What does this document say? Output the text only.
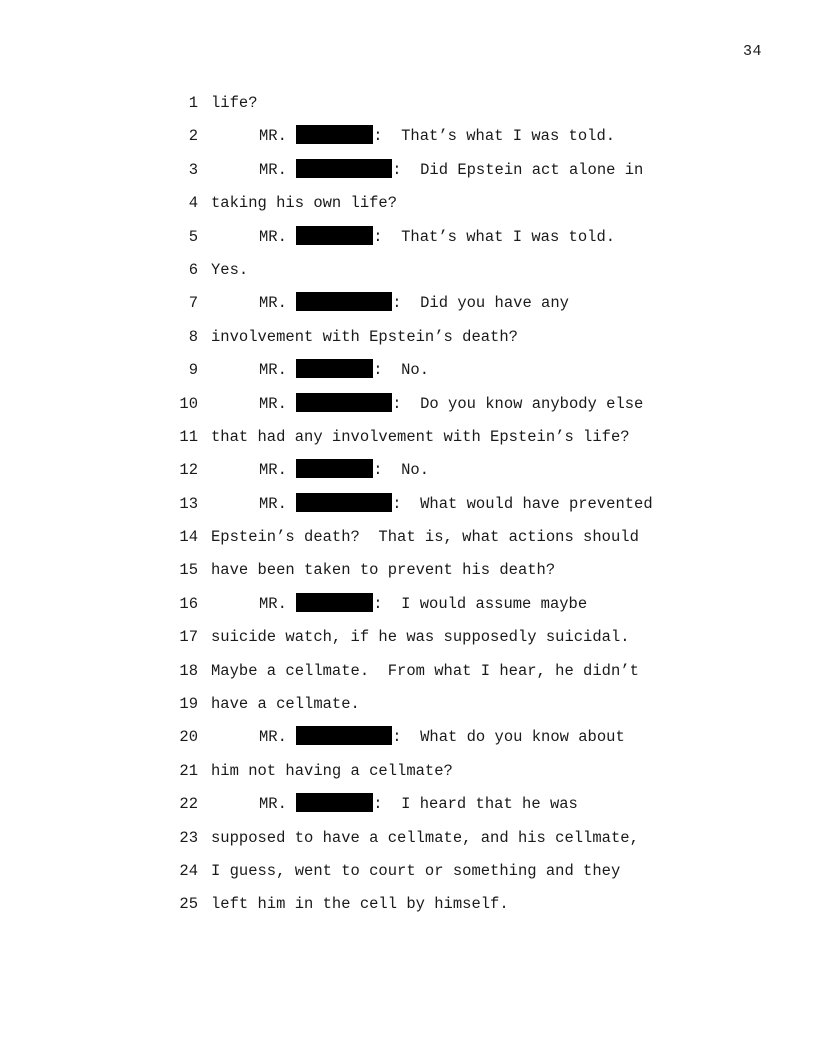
34
1 life?
2	MR.	:  That’s what I was told.
3	MR.	:  Did Epstein act alone in
4 taking his own life?
5	MR.	:  That’s what I was told.
6 Yes.
7	MR.	:  Did you have any
8 involvement with Epstein’s death?
9	MR.	:  No.
10	MR.	:  Do you know anybody else
11 that had any involvement with Epstein’s life?
12	MR.	:  No.
13	MR.	:  What would have prevented
14 Epstein’s death?  That is, what actions should
15 have been taken to prevent his death?
16	MR.	:  I would assume maybe
17 suicide watch, if he was supposedly suicidal.
18 Maybe a cellmate.  From what I hear, he didn’t
19 have a cellmate.
20	MR.	:  What do you know about
21 him not having a cellmate?
22	MR.	:  I heard that he was
23 supposed to have a cellmate, and his cellmate,
24 I guess, went to court or something and they
25 left him in the cell by himself.
